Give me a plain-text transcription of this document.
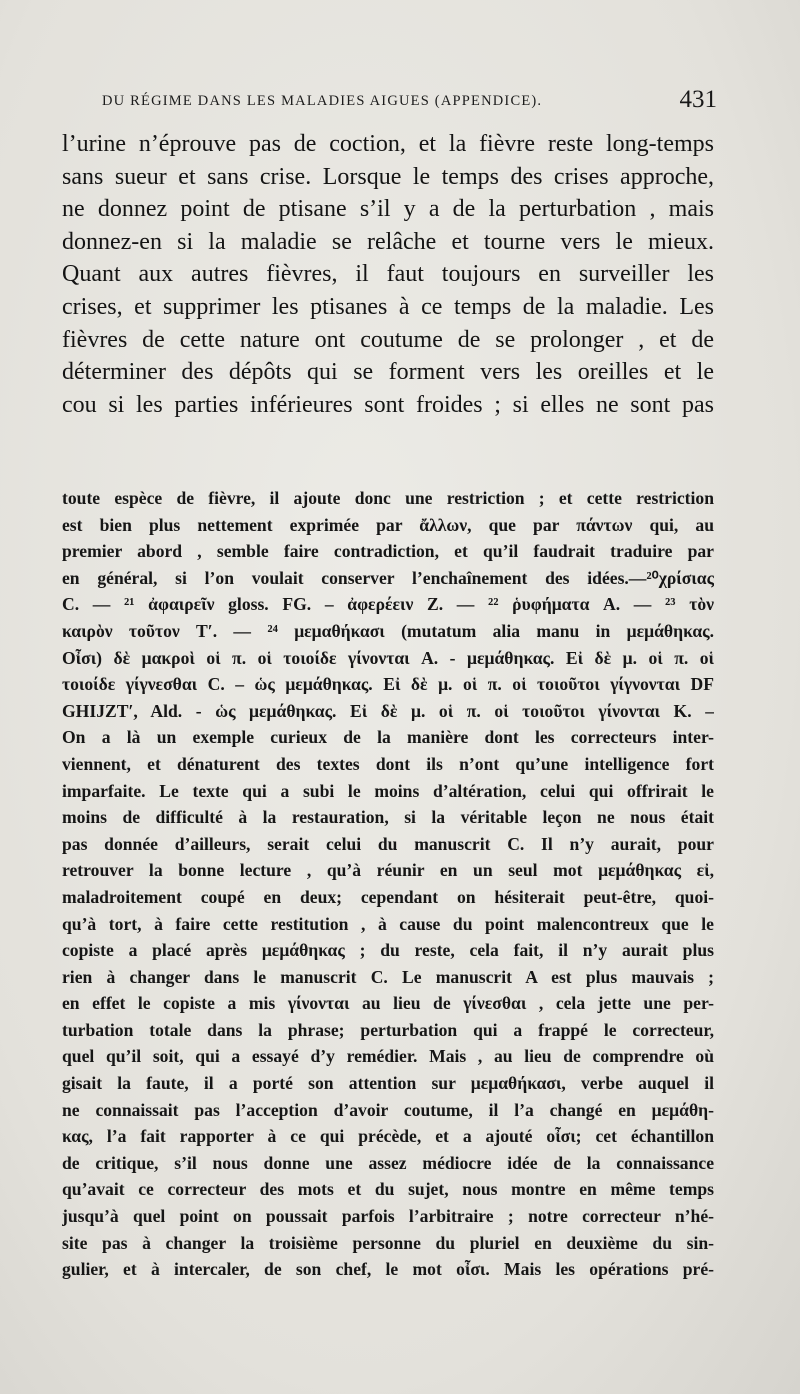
DU RÉGIME DANS LES MALADIES AIGUES (APPENDICE).	431
l’urine n’éprouve pas de coction, et la fièvre reste long-temps
sans sueur et sans crise. Lorsque le temps des crises approche,
ne donnez point de ptisane s’il y a de la perturbation , mais
donnez-en si la maladie se relâche et tourne vers le mieux.
Quant aux autres fièvres, il faut toujours en surveiller les
crises, et supprimer les ptisanes à ce temps de la maladie. Les
fièvres de cette nature ont coutume de se prolonger , et de
déterminer des dépôts qui se forment vers les oreilles et le
cou si les parties inférieures sont froides ; si elles ne sont pas
toute espèce de fièvre, il ajoute donc une restriction ; et cette restriction
est bien plus nettement exprimée par ἄλλων, que par πάντων qui, au
premier abord , semble faire contradiction, et qu’il faudrait traduire par
en général, si l’on voulait conserver l’enchaînement des idées.—²⁰χρίσιας
C. — ²¹ ἀφαιρεῖν gloss. FG. – ἀφερέειν Z. — ²² ῥυφήματα A. — ²³ τὸν
καιρὸν τοῦτον T′. — ²⁴ μεμαθήκασι (mutatum alia manu in μεμάθηκας.
Οἶσι) δὲ μακροὶ οἱ π. οἱ τοιοίδε γίνονται A. - μεμάθηκας. Εἰ δὲ μ. οἱ π. οἱ
τοιοίδε γίγνεσθαι C. – ὡς μεμάθηκας. Εἰ δὲ μ. οἱ π. οἱ τοιοῦτοι γίγνονται DF
GHIJZT′, Ald. - ὡς μεμάθηκας. Εἰ δὲ μ. οἱ π. οἱ τοιοῦτοι γίνονται K. –
On a là un exemple curieux de la manière dont les correcteurs inter-
viennent, et dénaturent des textes dont ils n’ont qu’une intelligence fort
imparfaite. Le texte qui a subi le moins d’altération, celui qui offrirait le
moins de difficulté à la restauration, si la véritable leçon ne nous était
pas donnée d’ailleurs, serait celui du manuscrit C. Il n’y aurait, pour
retrouver la bonne lecture , qu’à réunir en un seul mot μεμάθηκας εἰ,
maladroitement coupé en deux; cependant on hésiterait peut-être, quoi-
qu’à tort, à faire cette restitution , à cause du point malencontreux que le
copiste a placé après μεμάθηκας ; du reste, cela fait, il n’y aurait plus
rien à changer dans le manuscrit C. Le manuscrit A est plus mauvais ;
en effet le copiste a mis γίνονται au lieu de γίνεσθαι , cela jette une per-
turbation totale dans la phrase; perturbation qui a frappé le correcteur,
quel qu’il soit, qui a essayé d’y remédier. Mais , au lieu de comprendre où
gisait la faute, il a porté son attention sur μεμαθήκασι, verbe auquel il
ne connaissait pas l’acception d’avoir coutume, il l’a changé en μεμάθη-
κας, l’a fait rapporter à ce qui précède, et a ajouté οἶσι; cet échantillon
de critique, s’il nous donne une assez médiocre idée de la connaissance
qu’avait ce correcteur des mots et du sujet, nous montre en même temps
jusqu’à quel point on poussait parfois l’arbitraire ; notre correcteur n’hé-
site pas à changer la troisième personne du pluriel en deuxième du sin-
gulier, et à intercaler, de son chef, le mot οἶσι. Mais les opérations pré-
